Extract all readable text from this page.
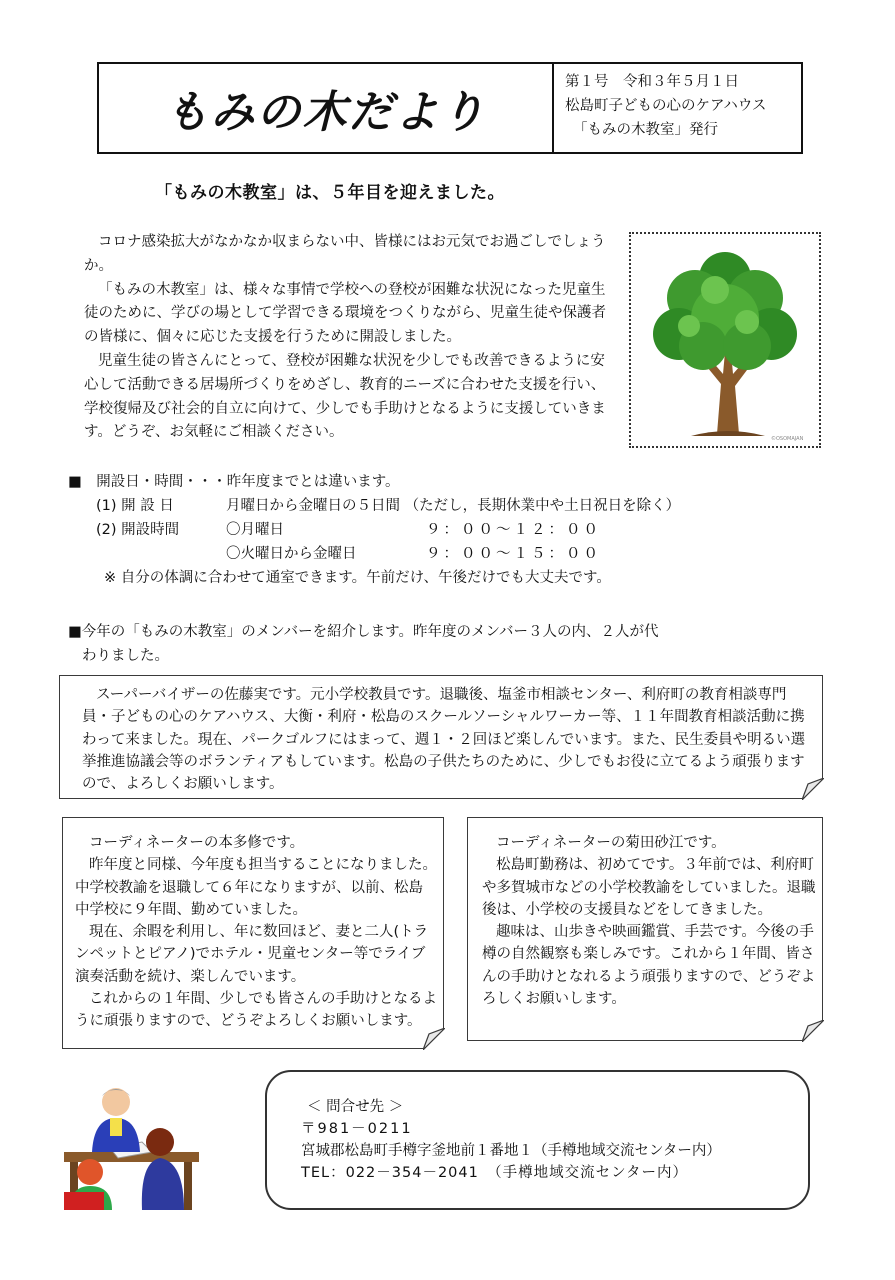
もみの木だより
第１号　令和３年５月１日
松島町子どもの心のケアハウス
「もみの木教室」発行
「もみの木教室」は、５年目を迎えました。

コロナ感染拡大がなかなか収まらない中、皆様にはお元気でお過ごしでしょうか。

「もみの木教室」は、様々な事情で学校への登校が困難な状況になった児童生徒のために、学びの場として学習できる環境をつくりながら、児童生徒や保護者の皆様に、個々に応じた支援を行うために開設しました。

児童生徒の皆さんにとって、登校が困難な状況を少しでも改善できるように安心して活動できる居場所づくりをめざし、教育的ニーズに合わせた支援を行い、学校復帰及び社会的自立に向けて、少しでも手助けとなるように支援していきます。どうぞ、お気軽にご相談ください。	©OSOMAJAN
■　開設日・時間・・・昨年度までとは違います。
(1) 開 設 日	月曜日から金曜日の５日間 （ただし，長期休業中や土日祝日を除く）
(2) 開設時間	〇月曜日	９：００～１２：００
〇火曜日から金曜日	９：００～１５：００
※ 自分の体調に合わせて通室できます。午前だけ、午後だけでも大丈夫です。
■今年の「もみの木教室」のメンバーを紹介します。昨年度のメンバー３人の内、２人が代
わりました。

スーパーバイザーの佐藤実です。元小学校教員です。退職後、塩釜市相談センター、利府町の教育相談専門員・子どもの心のケアハウス、大衡・利府・松島のスクールソーシャルワーカー等、１１年間教育相談活動に携わって来ました。現在、パークゴルフにはまって、週１・２回ほど楽しんでいます。また、民生委員や明るい選挙推進協議会等のボランティアもしています。松島の子供たちのために、少しでもお役に立てるよう頑張りますので、よろしくお願いします。

コーディネーターの本多修です。

昨年度と同様、今年度も担当することになりました。中学校教諭を退職して６年になりますが、以前、松島中学校に９年間、勤めていました。

現在、余暇を利用し、年に数回ほど、妻と二人(トランペットとピアノ)でホテル・児童センター等でライブ演奏活動を続け、楽しんでいます。

これからの１年間、少しでも皆さんの手助けとなるように頑張りますので、どうぞよろしくお願いします。

コーディネーターの菊田砂江です。

松島町勤務は、初めてです。３年前では、利府町や多賀城市などの小学校教諭をしていました。退職後は、小学校の支援員などをしてきました。

趣味は、山歩きや映画鑑賞、手芸です。今後の手樽の自然観察も楽しみです。これから１年間、皆さんの手助けとなれるよう頑張りますので、どうぞよろしくお願いします。

＜ 問合せ先 ＞
〒981－0211
宮城郡松島町手樽字釜地前１番地１（手樽地域交流センター内）
TEL：022－354－2041　（手樽地域交流センター内）
